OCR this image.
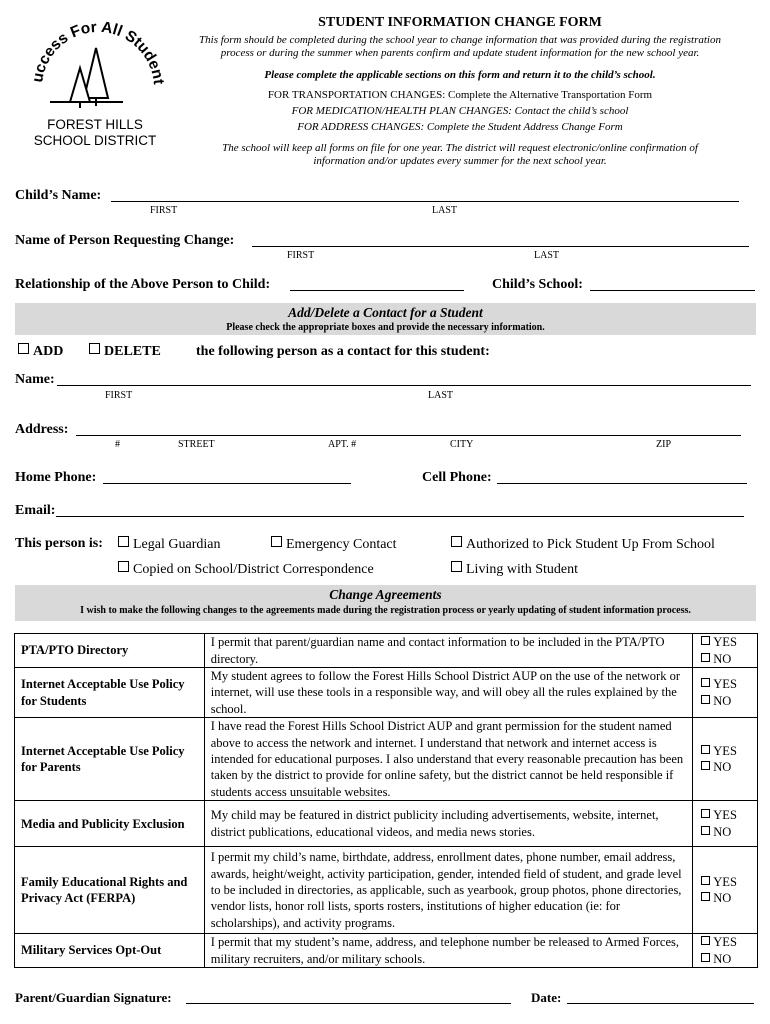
uccess For All Student
FOREST HILLS
SCHOOL DISTRICT
STUDENT INFORMATION CHANGE FORM
This form should be completed during the school year to change information that was provided during the registration
process or during the summer when parents confirm and update student information for the new school year.
Please complete the applicable sections on this form and return it to the child’s school.
FOR TRANSPORTATION CHANGES: Complete the Alternative Transportation Form
FOR MEDICATION/HEALTH PLAN CHANGES: Contact the child’s school
FOR ADDRESS CHANGES: Complete the Student Address Change Form
The school will keep all forms on file for one year. The district will request electronic/online confirmation of
information and/or updates every summer for the next school year.
Child’s Name:
FIRST	LAST
Name of Person Requesting Change:
FIRST	LAST
Relationship of the Above Person to Child:	Child’s School:
Add/Delete a Contact for a Student
Please check the appropriate boxes and provide the necessary information.
ADD	DELETE	the following person as a contact for this student:
Name:
FIRST	LAST
Address:
#	STREET	APT. #	CITY	ZIP
Home Phone:	Cell Phone:
Email:
This person is:	Legal Guardian	Emergency Contact	Authorized to Pick Student Up From School
Copied on School/District Correspondence	Living with Student
Change Agreements
I wish to make the following changes to the agreements made during the registration process or yearly updating of student information process.
PTA/PTO Directory	I permit that parent/guardian name and contact information to be included in the PTA/PTO directory.	YES
NO

Internet Acceptable Use Policy for Students	My student agrees to follow the Forest Hills School District AUP on the use of the network or internet, will use these tools in a responsible way, and will obey all the rules explained by the school.	YES
NO

Internet Acceptable Use Policy for Parents	I have read the Forest Hills School District AUP and grant permission for the student named above to access the network and internet. I understand that network and internet access is intended for educational purposes. I also understand that every reasonable precaution has been taken by the district to provide for online safety, but the district cannot be held responsible if students access unsuitable websites.	YES
NO

Media and Publicity Exclusion	My child may be featured in district publicity including advertisements, website, internet, district publications, educational videos, and media news stories.	YES
NO

Family Educational Rights and Privacy Act (FERPA)	I permit my child’s name, birthdate, address, enrollment dates, phone number, email address, awards, height/weight, activity participation, gender, intended field of student, and grade level to be included in directories, as applicable, such as yearbook, group photos, phone directories, vendor lists, honor roll lists, sports rosters, institutions of higher education (ie: for scholarships), and activity programs.	YES
NO

Military Services Opt-Out	I permit that my student’s name, address, and telephone number be released to Armed Forces, military recruiters, and/or military schools.	YES
NO
Parent/Guardian Signature:	Date:
